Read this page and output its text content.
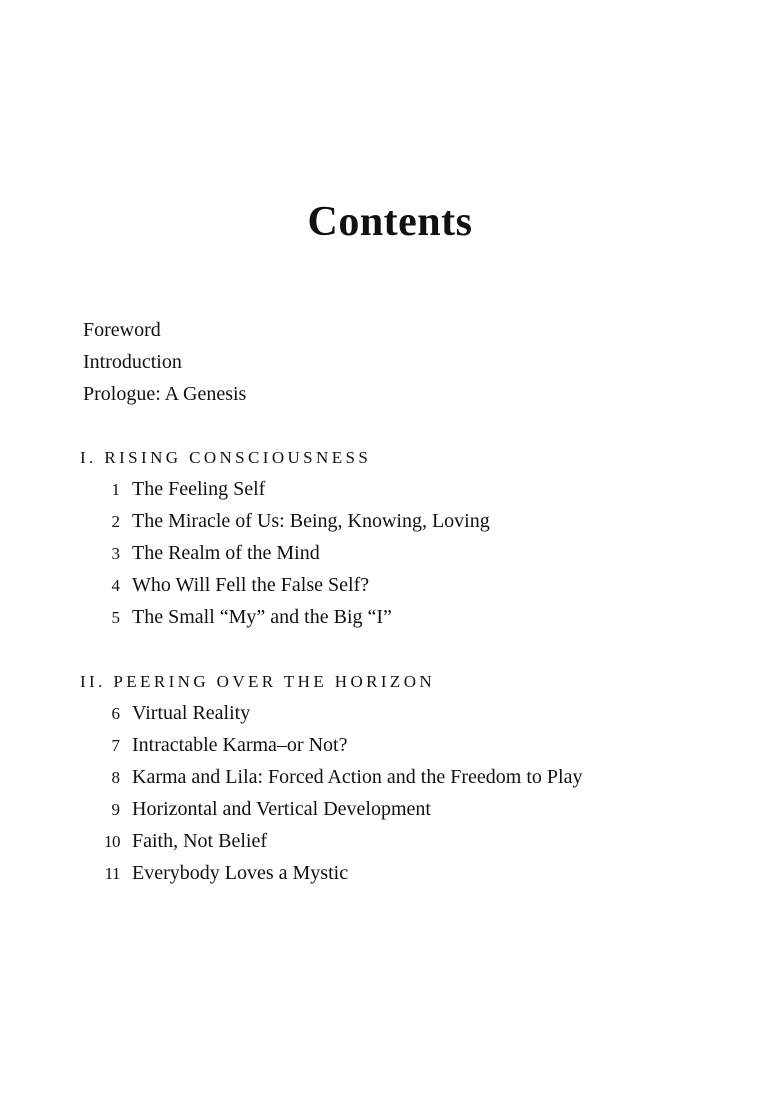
Contents
Foreword
Introduction
Prologue: A Genesis
I. RISING CONSCIOUSNESS
1 The Feeling Self
2 The Miracle of Us: Being, Knowing, Loving
3 The Realm of the Mind
4 Who Will Fell the False Self?
5 The Small “My” and the Big “I”
II. PEERING OVER THE HORIZON
6 Virtual Reality
7 Intractable Karma–or Not?
8 Karma and Lila: Forced Action and the Freedom to Play
9 Horizontal and Vertical Development
10 Faith, Not Belief
11 Everybody Loves a Mystic
